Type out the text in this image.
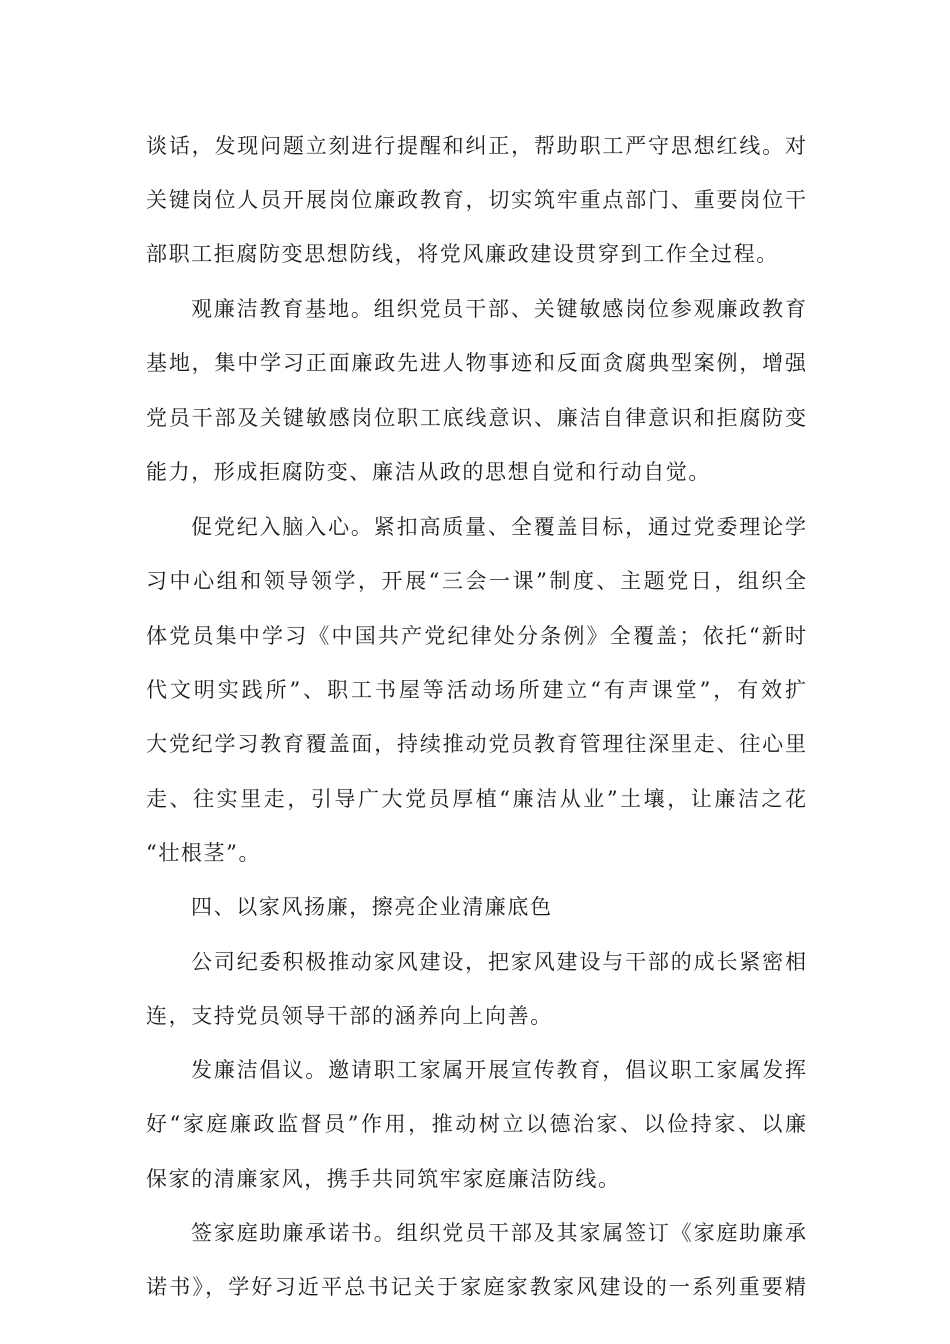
谈话，发现问题立刻进行提醒和纠正，帮助职工严守思想红线。对
关键岗位人员开展岗位廉政教育，切实筑牢重点部门、重要岗位干
部职工拒腐防变思想防线，将党风廉政建设贯穿到工作全过程。
观廉洁教育基地。组织党员干部、关键敏感岗位参观廉政教育
基地，集中学习正面廉政先进人物事迹和反面贪腐典型案例，增强
党员干部及关键敏感岗位职工底线意识、廉洁自律意识和拒腐防变
能力，形成拒腐防变、廉洁从政的思想自觉和行动自觉。
促党纪入脑入心。紧扣高质量、全覆盖目标，通过党委理论学
习中心组和领导领学，开展“三会一课”制度、主题党日，组织全
体党员集中学习《中国共产党纪律处分条例》全覆盖；依托“新时
代文明实践所”、职工书屋等活动场所建立“有声课堂”，有效扩
大党纪学习教育覆盖面，持续推动党员教育管理往深里走、往心里
走、往实里走，引导广大党员厚植“廉洁从业”土壤，让廉洁之花
“壮根茎”。
四、以家风扬廉，擦亮企业清廉底色
公司纪委积极推动家风建设，把家风建设与干部的成长紧密相
连，支持党员领导干部的涵养向上向善。
发廉洁倡议。邀请职工家属开展宣传教育，倡议职工家属发挥
好“家庭廉政监督员”作用，推动树立以德治家、以俭持家、以廉
保家的清廉家风，携手共同筑牢家庭廉洁防线。
签家庭助廉承诺书。组织党员干部及其家属签订《家庭助廉承
诺书》，学好习近平总书记关于家庭家教家风建设的一系列重要精
